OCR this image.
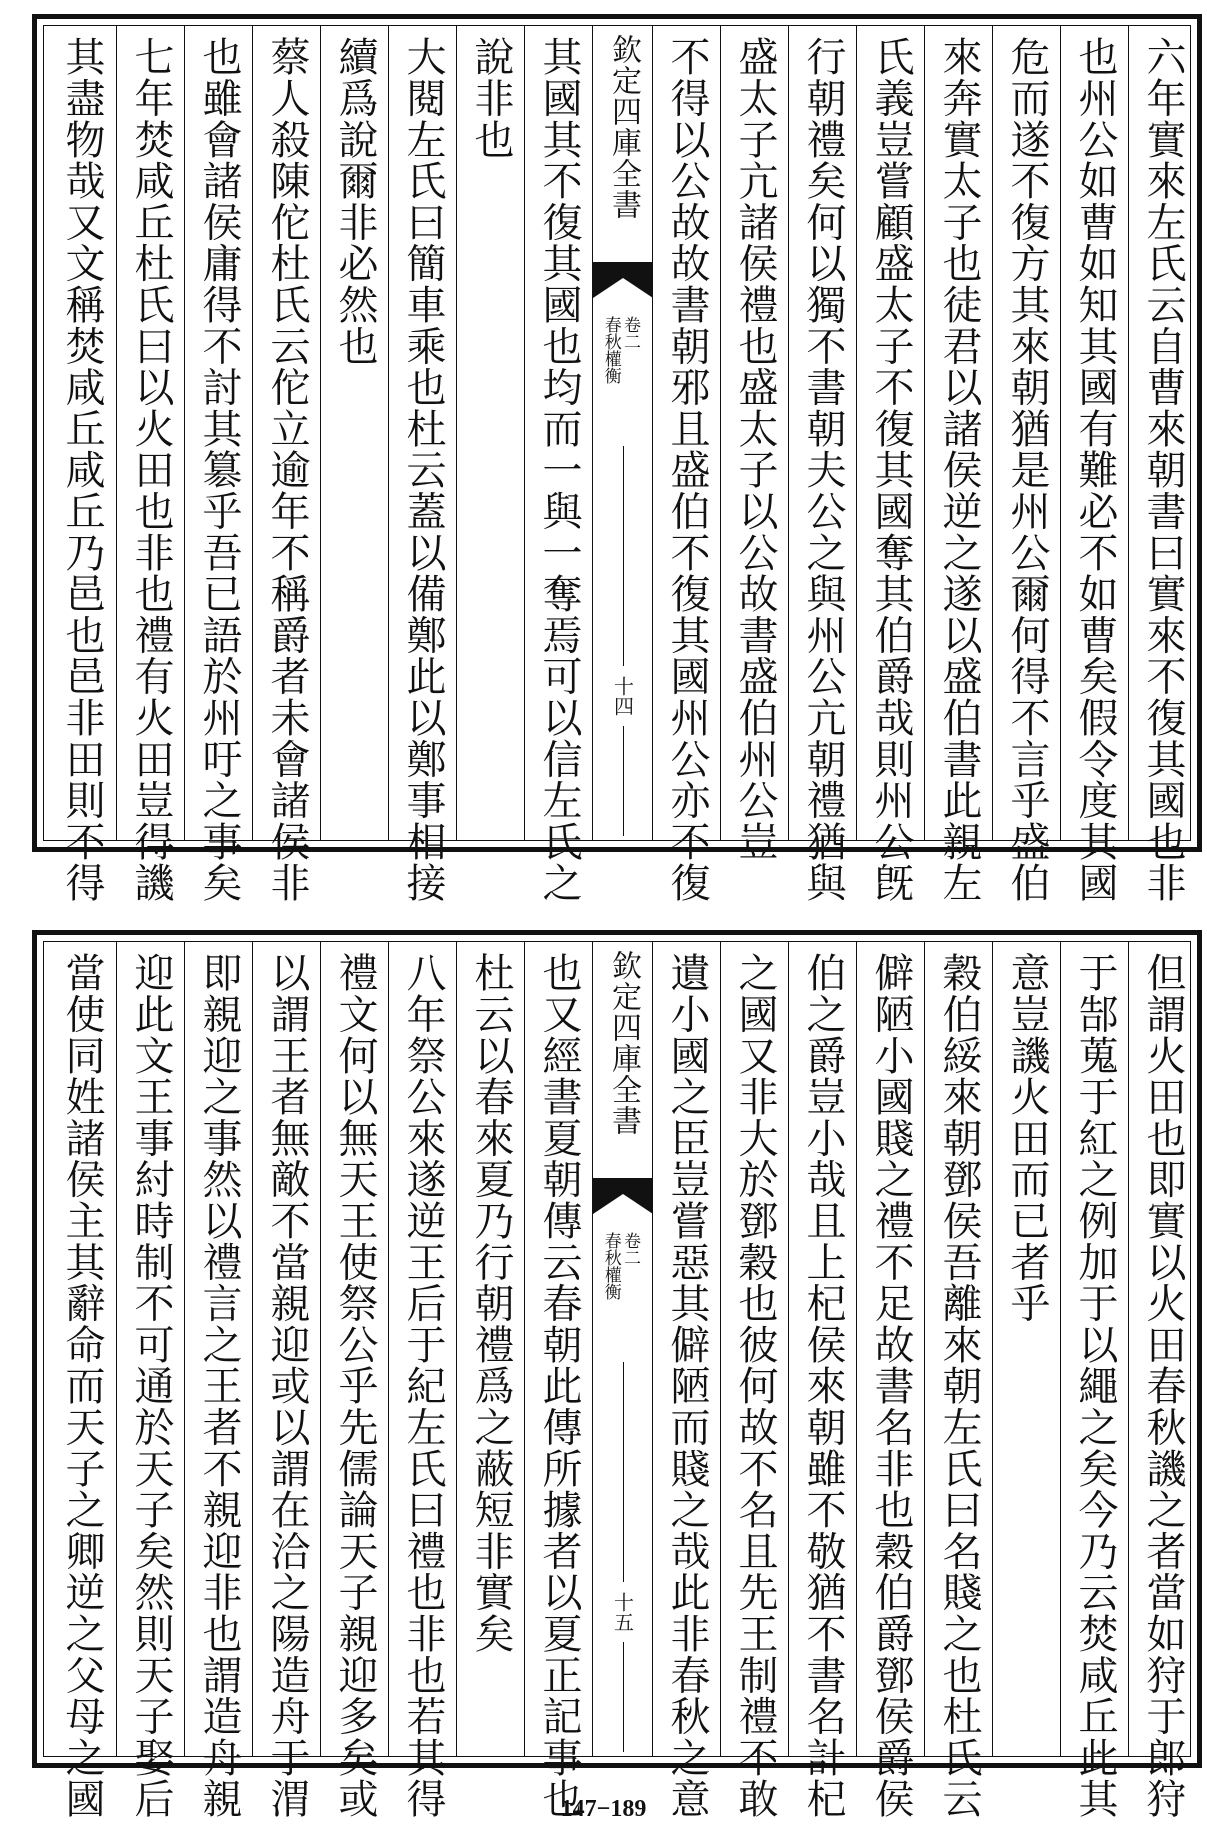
六年實來左氏云自曹來朝書曰實來不復其國也非
也州公如曹如知其國有難必不如曹矣假令度其國
危而遂不復方其來朝猶是州公爾何得不言乎盛伯
來奔實太子也徒君以諸侯逆之遂以盛伯書此親左
氏義豈嘗顧盛太子不復其國奪其伯爵哉則州公旣
行朝禮矣何以獨不書朝夫公之與州公亢朝禮猶與
盛太子亢諸侯禮也盛太子以公故書盛伯州公豈
不得以公故故書朝邪且盛伯不復其國州公亦不復
欽定四庫全書
春秋權衡 卷二
十四
其國其不復其國也均而一與一奪焉可以信左氏之
說非也
大閱左氏曰簡車乘也杜云蓋以備鄭此以鄭事相接
續爲說爾非必然也
蔡人殺陳佗杜氏云佗立逾年不稱爵者未會諸侯非
也雖會諸侯庸得不討其簒乎吾已語於州吁之事矣
七年焚咸丘杜氏曰以火田也非也禮有火田豈得譏
其盡物哉又文稱焚咸丘咸丘乃邑也邑非田則不得
但謂火田也即實以火田春秋譏之者當如狩于郎狩
于郜蒐于紅之例加于以繩之矣今乃云焚咸丘此其
意豈譏火田而已者乎
穀伯綏來朝鄧侯吾離來朝左氏曰名賤之也杜氏云
僻陋小國賤之禮不足故書名非也穀伯爵鄧侯爵侯
伯之爵豈小哉且上杞侯來朝雖不敬猶不書名計杞
之國又非大於鄧穀也彼何故不名且先王制禮不敢
遺小國之臣豈嘗惡其僻陋而賤之哉此非春秋之意
欽定四庫全書
春秋權衡 卷二
十五
也又經書夏朝傳云春朝此傳所據者以夏正記事也
杜云以春來夏乃行朝禮爲之蔽短非實矣
八年祭公來遂逆王后于紀左氏曰禮也非也若其得
禮文何以無天王使祭公乎先儒論天子親迎多矣或
以謂王者無敵不當親迎或以謂在洽之陽造舟于渭
即親迎之事然以禮言之王者不親迎非也謂造舟親
迎此文王事紂時制不可通於天子矣然則天子娶后
當使同姓諸侯主其辭命而天子之卿逆之父母之國	147−189
